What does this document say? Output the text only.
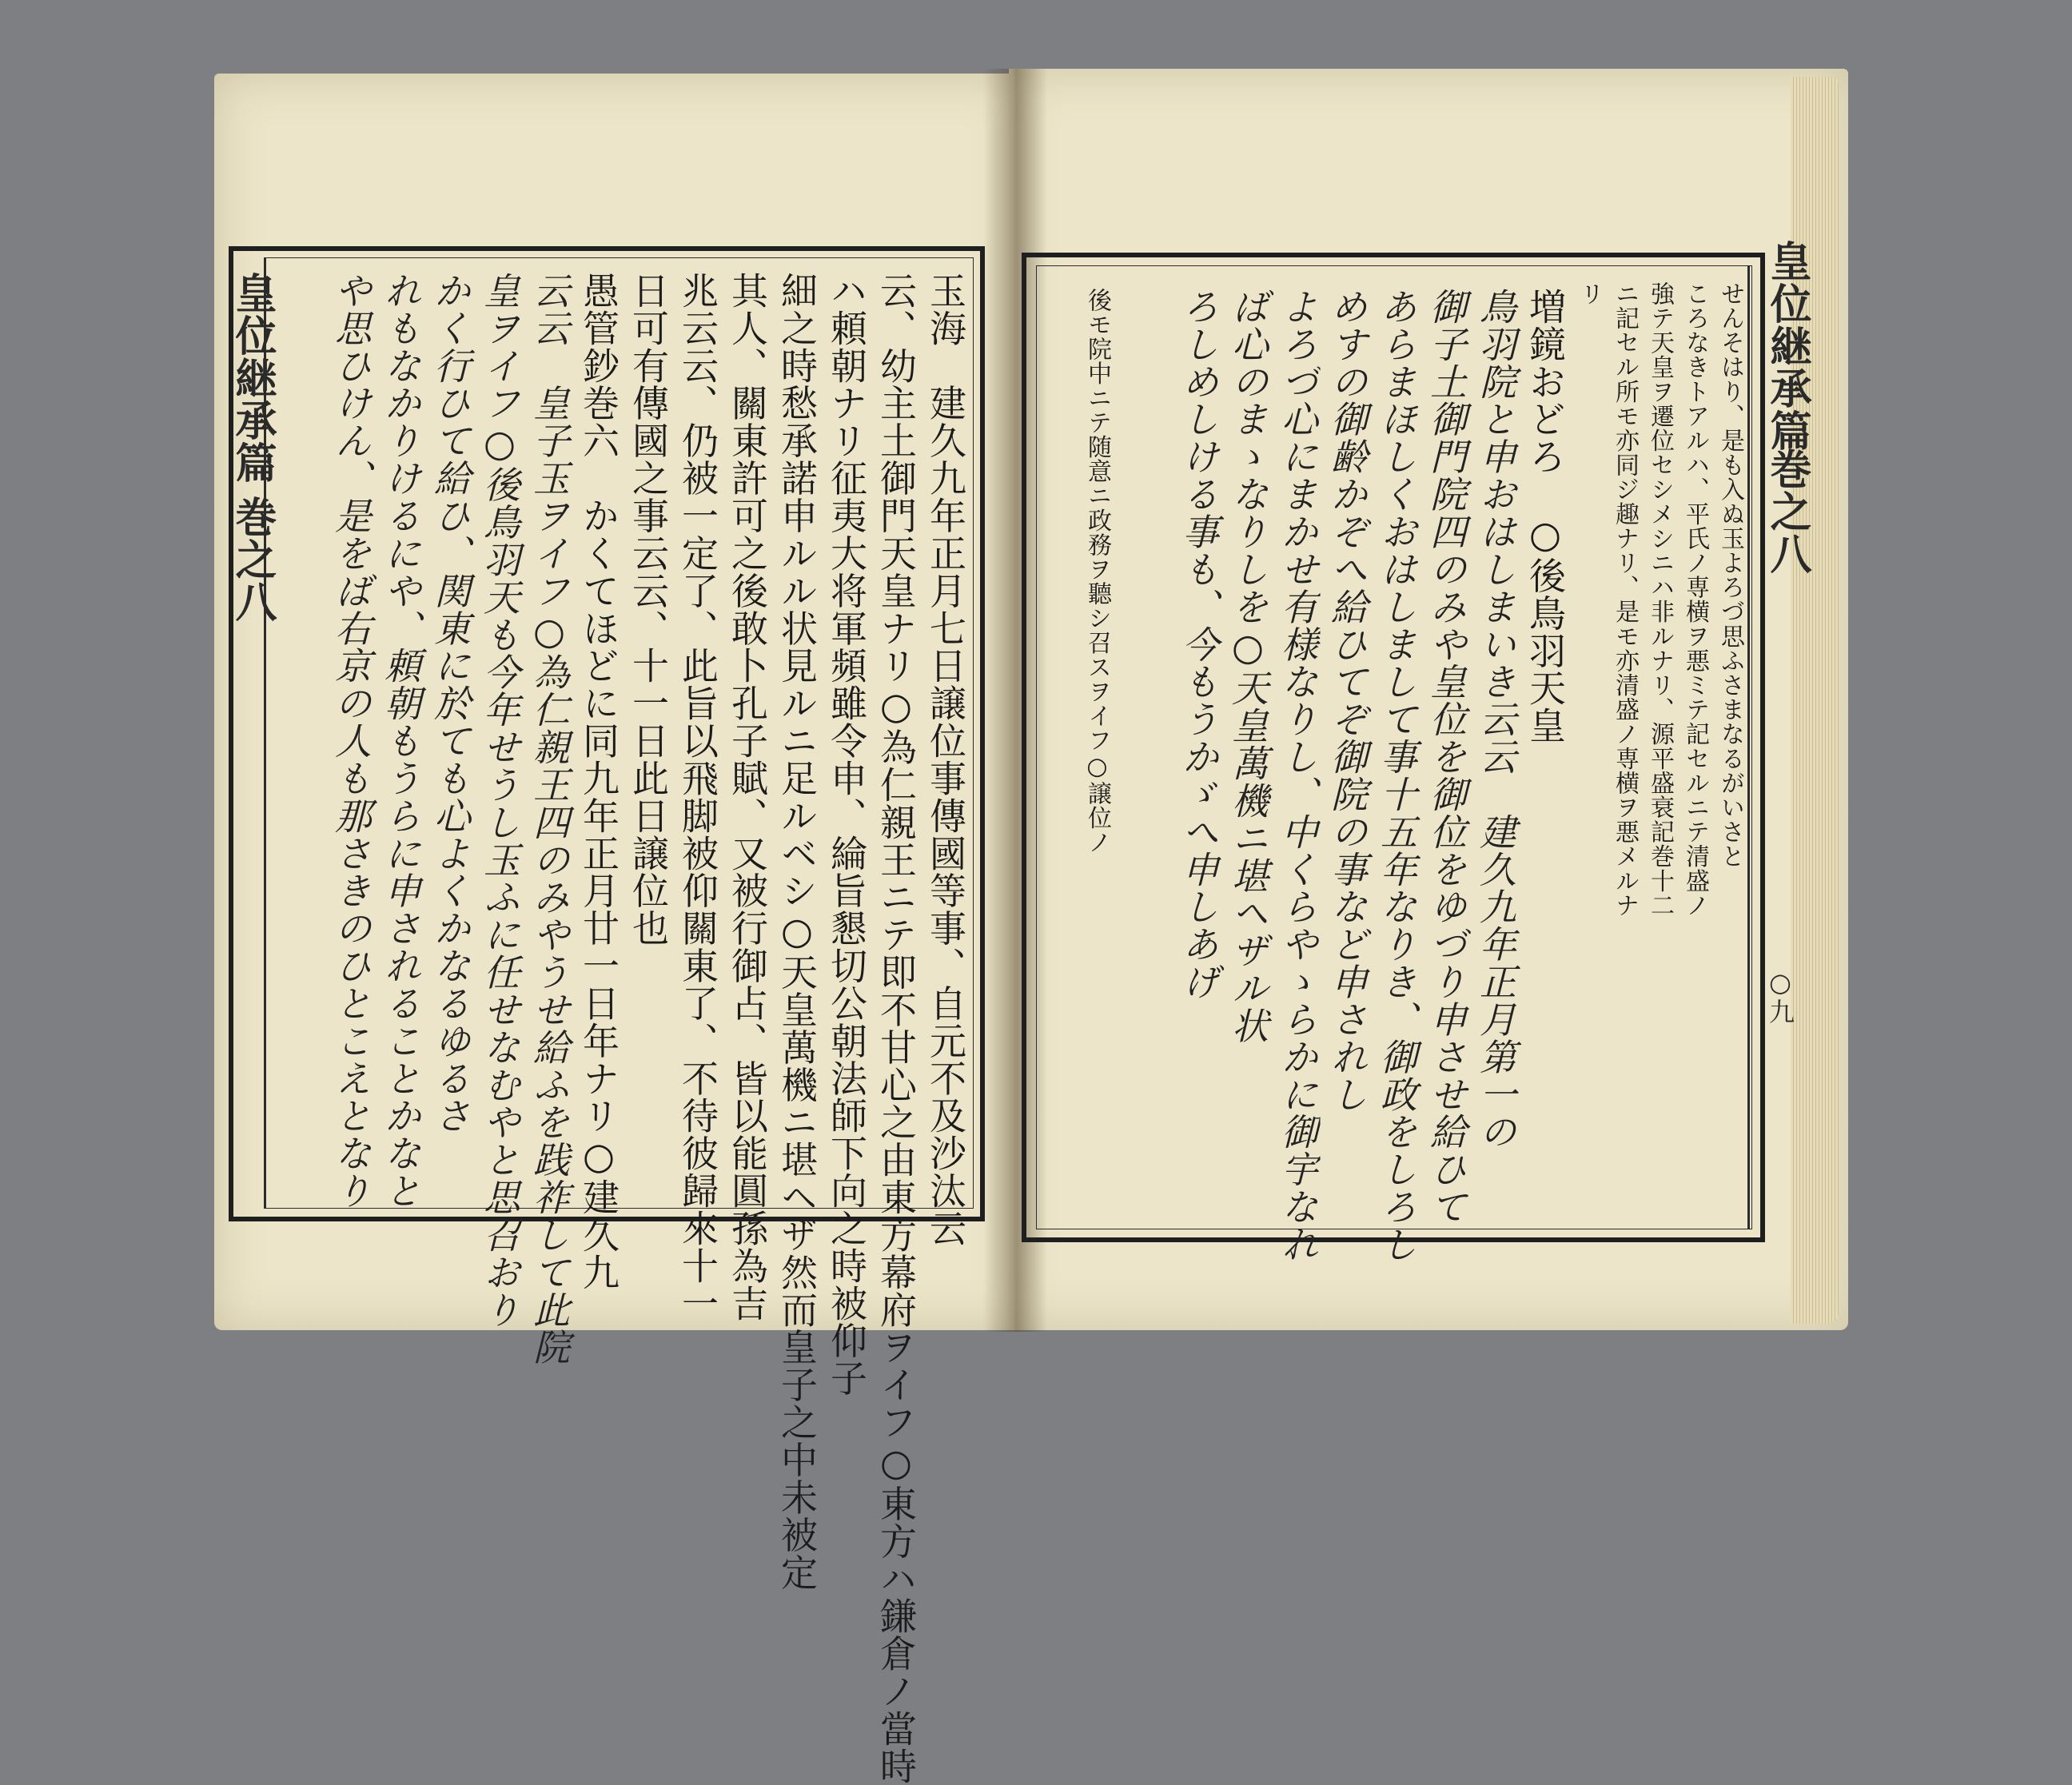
皇位継承篇
巻之八	玉海　建久九年正月七日譲位事傳國等事、自元不及沙汰云
云、幼主土御門天皇ナリ○為仁親王ニテ即不甘心之由東方幕府ヲイフ○東方ハ鎌倉ノ當時
ハ頼朝ナリ征夷大将軍頻雖令申、綸旨懇切公朝法師下向之時被仰子
細之時愁承諾申ルル状見ルニ足ルベシ○天皇萬機ニ堪ヘザ然而皇子之中未被定
其人、關東許可之後敢卜孔子賦、又被行御占、皆以能圓孫為吉
兆云云、仍被一定了、此旨以飛脚被仰關東了、不待彼歸來十一
日可有傳國之事云云、十一日此日譲位也
愚管鈔巻六　かくてほどに同九年正月廿一日年ナリ○建久九
云云　皇子玉ヲイフ○為仁親王四のみやうせ給ふを践祚して此院
皇ヲイフ○後鳥羽天も今年せうし玉ふに任せなむやと思召おり
かく行ひて給ひ、関東に於ても心よくかなるゆるさ
れもなかりけるにや、頼朝もうらに申されることかなと
や思ひけん、是をば右京の人も那さきのひとこえとなり	皇位継承篇
巻之八
○九
せんそはり、是も入ぬ玉よろづ思ふさまなるがいさと
ころなきトアルハ、平氏ノ専横ヲ悪ミテ記セルニテ清盛ノ
強テ天皇ヲ遷位セシメシニハ非ルナリ、源平盛衰記巻十二
ニ記セル所モ亦同ジ趣ナリ、是モ亦清盛ノ専横ヲ悪メルナ
リ
増鏡おどろ　○後鳥羽天皇
鳥羽院と申おはしまいき云云　建久九年正月第一の
御子土御門院四のみや皇位を御位をゆづり申させ給ひて
あらまほしくおはしまして事十五年なりき、御政をしろし
めすの御齢かぞへ給ひてぞ御院の事など申されし
よろづ心にまかせ有様なりし、中くらやゝらかに御宇なれ
ば心のまゝなりしを○天皇萬機ニ堪ヘザル状
ろしめしける事も、今もうかゞへ申しあげ
後モ院中ニテ随意ニ政務ヲ聽シ召スヲイフ○譲位ノ
